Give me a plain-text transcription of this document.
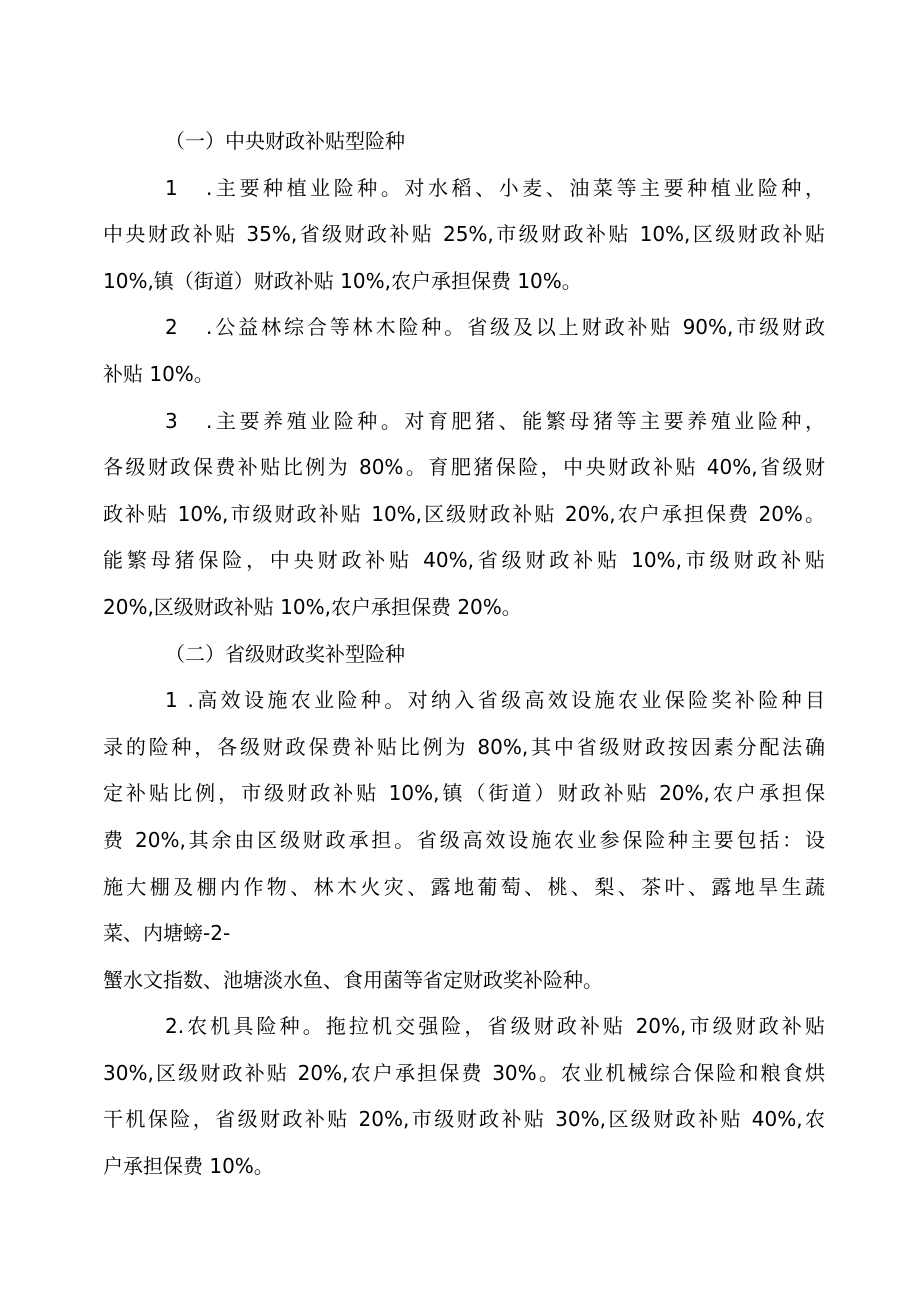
（一）中央财政补贴型险种
1 .主要种植业险种。对水稻、小麦、油菜等主要种植业险种，
中央财政补贴 35%,省级财政补贴 25%,市级财政补贴 10%,区级财政补贴
10%,镇（街道）财政补贴 10%,农户承担保费 10%。
2 .公益林综合等林木险种。省级及以上财政补贴 90%,市级财政
补贴 10%。
3 .主要养殖业险种。对育肥猪、能繁母猪等主要养殖业险种，
各级财政保费补贴比例为 80%。育肥猪保险，中央财政补贴 40%,省级财
政补贴 10%,市级财政补贴 10%,区级财政补贴 20%,农户承担保费 20%。
能繁母猪保险，中央财政补贴 40%,省级财政补贴 10%,市级财政补贴
20%,区级财政补贴 10%,农户承担保费 20%。
（二）省级财政奖补型险种
1 .高效设施农业险种。对纳入省级高效设施农业保险奖补险种目
录的险种，各级财政保费补贴比例为 80%,其中省级财政按因素分配法确
定补贴比例，市级财政补贴 10%,镇（街道）财政补贴 20%,农户承担保
费 20%,其余由区级财政承担。省级高效设施农业参保险种主要包括：设
施大棚及棚内作物、林木火灾、露地葡萄、桃、梨、茶叶、露地旱生蔬
菜、内塘螃-2-
蟹水文指数、池塘淡水鱼、食用菌等省定财政奖补险种。
2.农机具险种。拖拉机交强险，省级财政补贴 20%,市级财政补贴
30%,区级财政补贴 20%,农户承担保费 30%。农业机械综合保险和粮食烘
干机保险，省级财政补贴 20%,市级财政补贴 30%,区级财政补贴 40%,农
户承担保费 10%。
